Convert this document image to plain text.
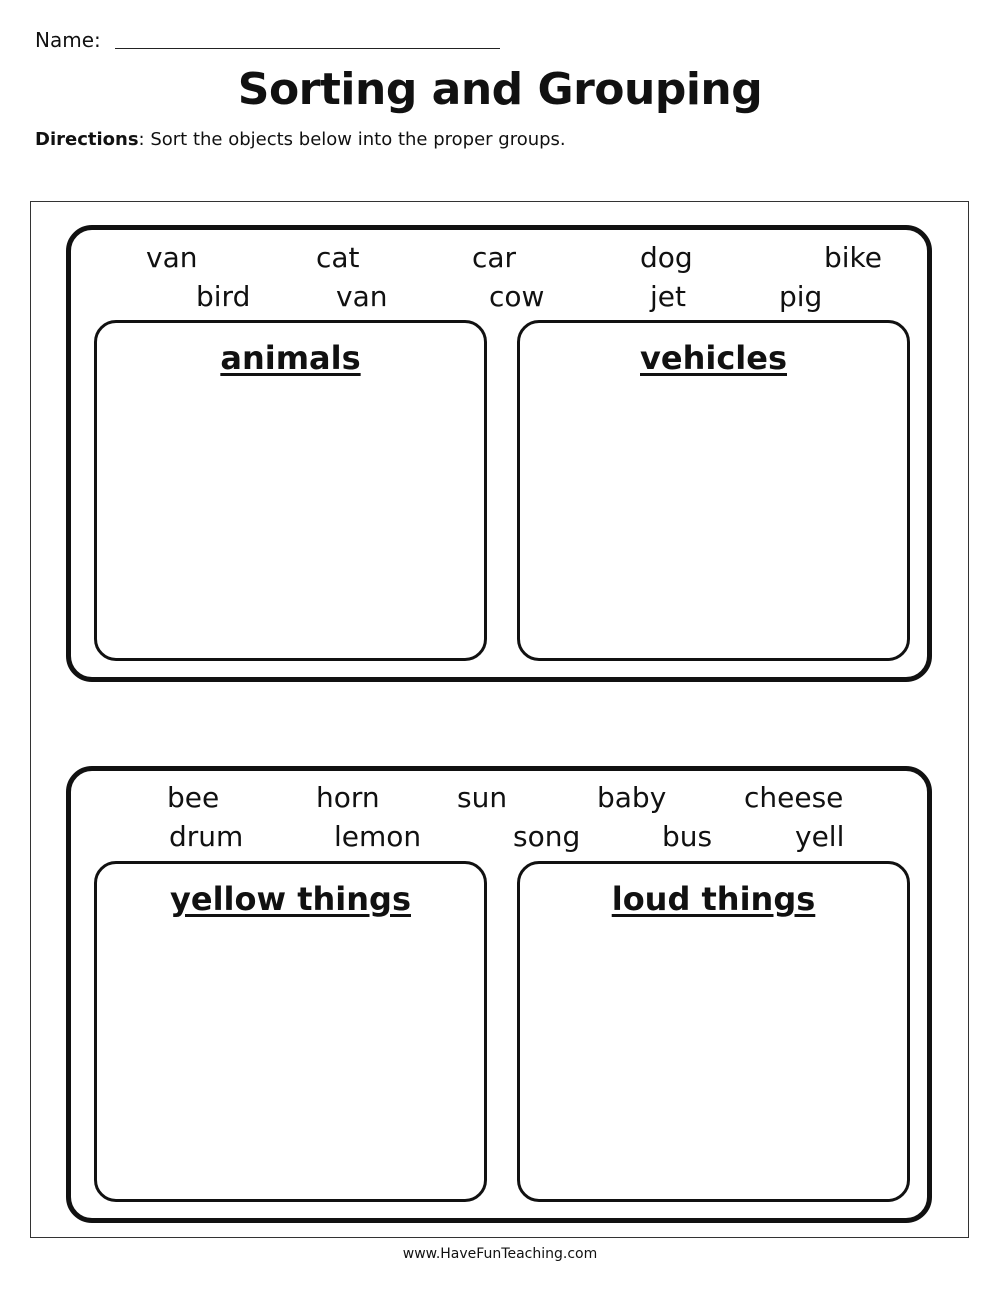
Name:
Sorting and Grouping
Directions: Sort the objects below into the proper groups.
van	cat	car	dog	bike
bird	van	cow	jet	pig
animals	vehicles
bee	horn	sun	baby	cheese
drum	lemon	song	bus	yell
yellow things	loud things
www.HaveFunTeaching.com
